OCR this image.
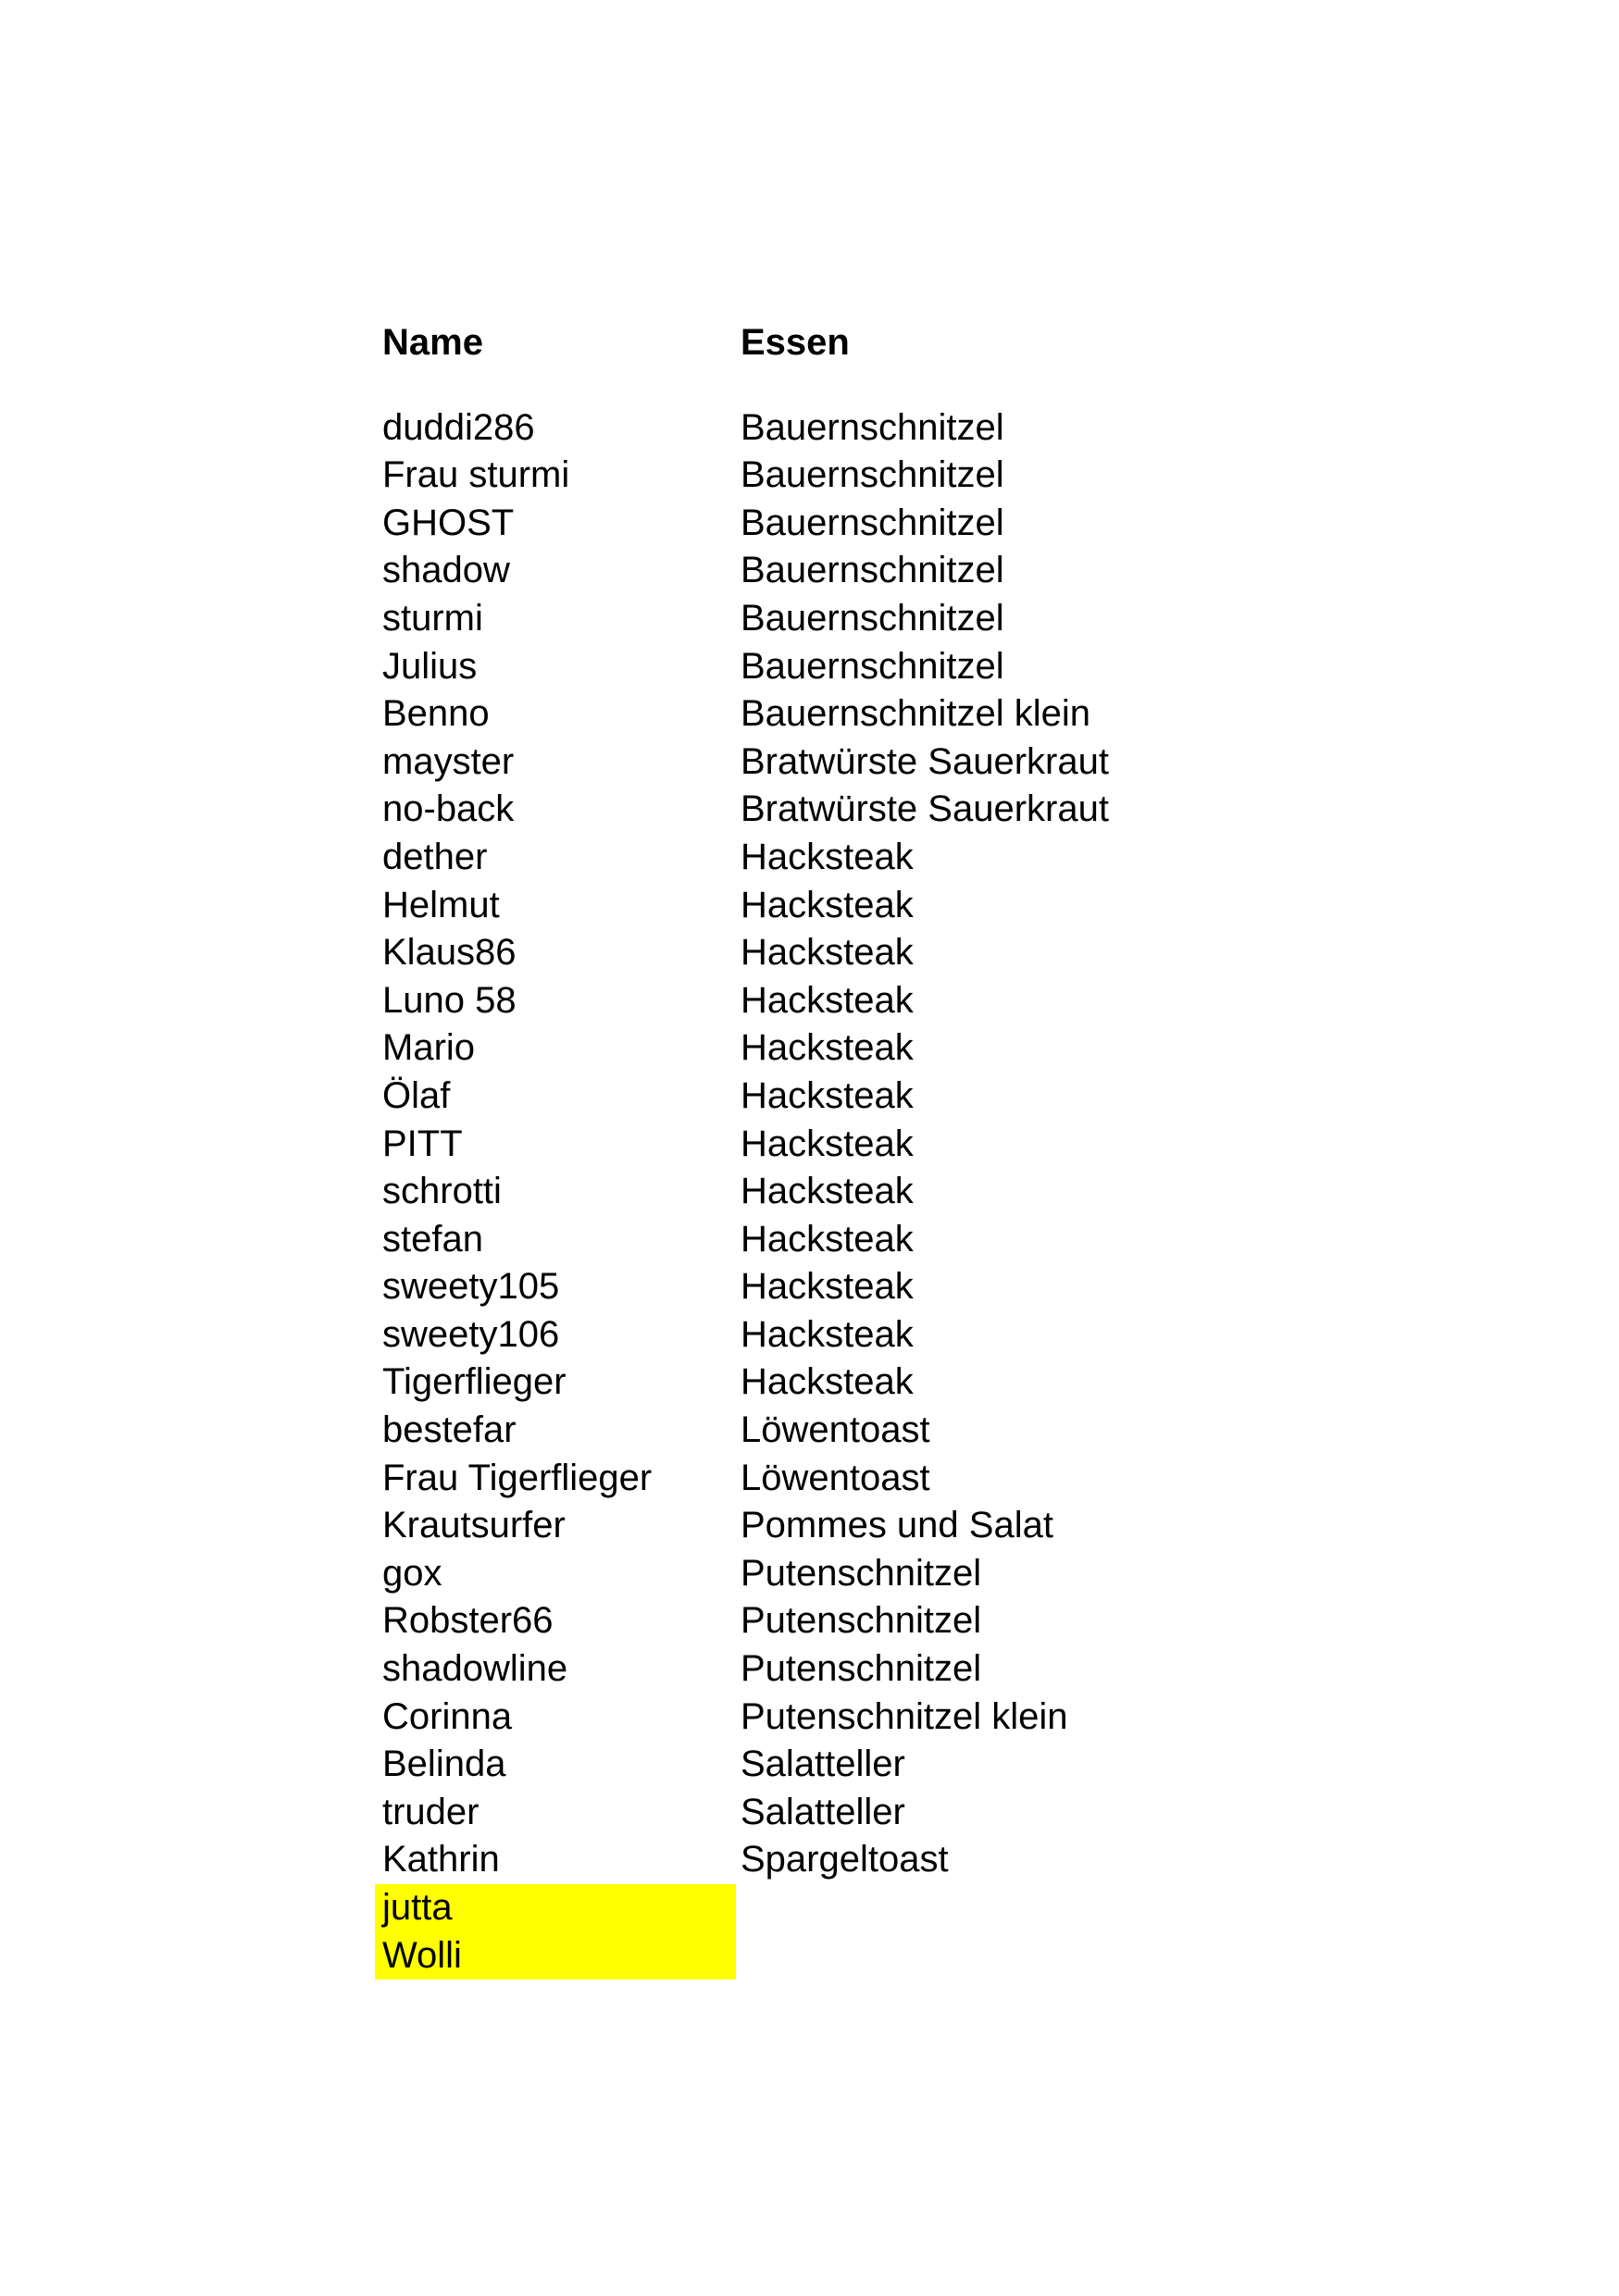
Name	Essen
duddi286	Bauernschnitzel
Frau sturmi	Bauernschnitzel
GHOST	Bauernschnitzel
shadow	Bauernschnitzel
sturmi	Bauernschnitzel
Julius	Bauernschnitzel
Benno	Bauernschnitzel klein
mayster	Bratwürste Sauerkraut
no-back	Bratwürste Sauerkraut
dether	Hacksteak
Helmut	Hacksteak
Klaus86	Hacksteak
Luno 58	Hacksteak
Mario	Hacksteak
Ölaf	Hacksteak
PITT	Hacksteak
schrotti	Hacksteak
stefan	Hacksteak
sweety105	Hacksteak
sweety106	Hacksteak
Tigerflieger	Hacksteak
bestefar	Löwentoast
Frau Tigerflieger	Löwentoast
Krautsurfer	Pommes und Salat
gox	Putenschnitzel
Robster66	Putenschnitzel
shadowline	Putenschnitzel
Corinna	Putenschnitzel klein
Belinda	Salatteller
truder	Salatteller
Kathrin	Spargeltoast
jutta
Wolli
